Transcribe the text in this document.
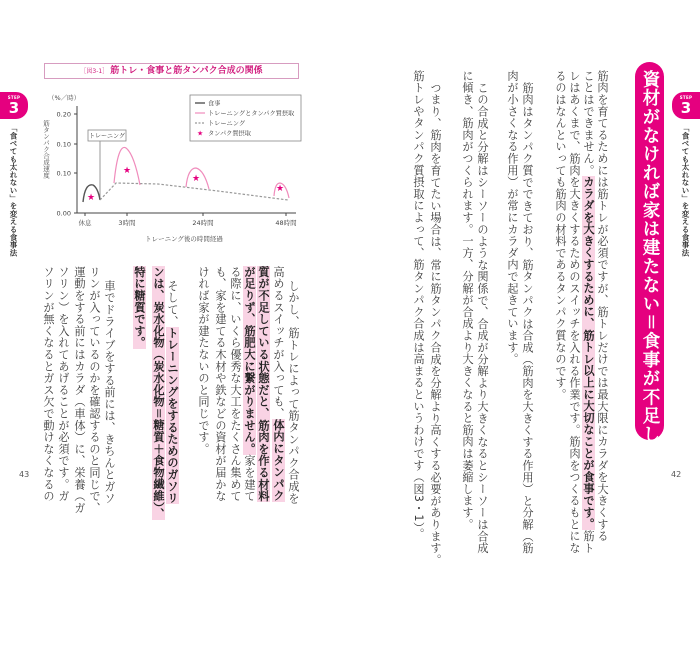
STEP
3
「食べても太れない」を変える食事法
［図3-1］ 筋トレ・食事と筋タンパク合成の関係
（%／時）
筋タンパク合成速度
0.20
0.10
0.10
0.00
休息	3時間	24時間	48時間
トレーニング後の時間経過
食事
トレーニングとタンパク質摂取
トレーニング
★ タンパク質摂取
トレーニング
★
★
★
★
しかし、筋トレによって筋タンパク合成を
高めるスイッチが入っても、体内にタンパク
質が不足している状態だと、筋肉を作る材料
が足りず、筋肥大に繋がりません。家を建て
る際に、いくら優秀な大工をたくさん集めて
も、家を建てる木材や鉄などの資材が届かな
ければ家が建たないのと同じです。
そして、トレーニングをするためのガソリ
ンは、炭水化物（炭水化物＝糖質＋食物繊維）、
特に糖質です。
車でドライブをする前には、きちんとガソ
リンが入っているのかを確認するのと同じで、
運動をする前にはカラダ（車体）に、栄養（ガ
ソリン）を入れてあげることが必須です。ガ
ソリンが無くなるとガス欠で動けなくなるの
43	資材がなければ家は建たない＝食事が不足していると筋肉はできない	STEP
3
「食べても太れない」を変える食事法
筋肉を育てるためには筋トレが必須ですが、筋トレだけでは最大限にカラダを大きくする
ことはできません。カラダを大きくするために、筋トレ以上に大切なことが食事です。筋ト
レはあくまで、筋肉を大きくするためのスイッチを入れる作業です。筋肉をつくるもとにな
るのはなんといっても筋肉の材料であるタンパク質なのです。
筋肉はタンパク質でできており、筋タンパクは合成（筋肉を大きくする作用）と分解（筋
肉が小さくなる作用）が常にカラダ内で起きています。
この合成と分解はシーソーのような関係で、合成が分解より大きくなるとシーソーは合成
に傾き、筋肉がつくられます。一方、分解が合成より大きくなると筋肉は萎縮します。
つまり、筋肉を育てたい場合は、常に筋タンパク合成を分解より高くする必要があります。
筋トレやタンパク質摂取によって、筋タンパク合成は高まるというわけです（図3・1）。	42
